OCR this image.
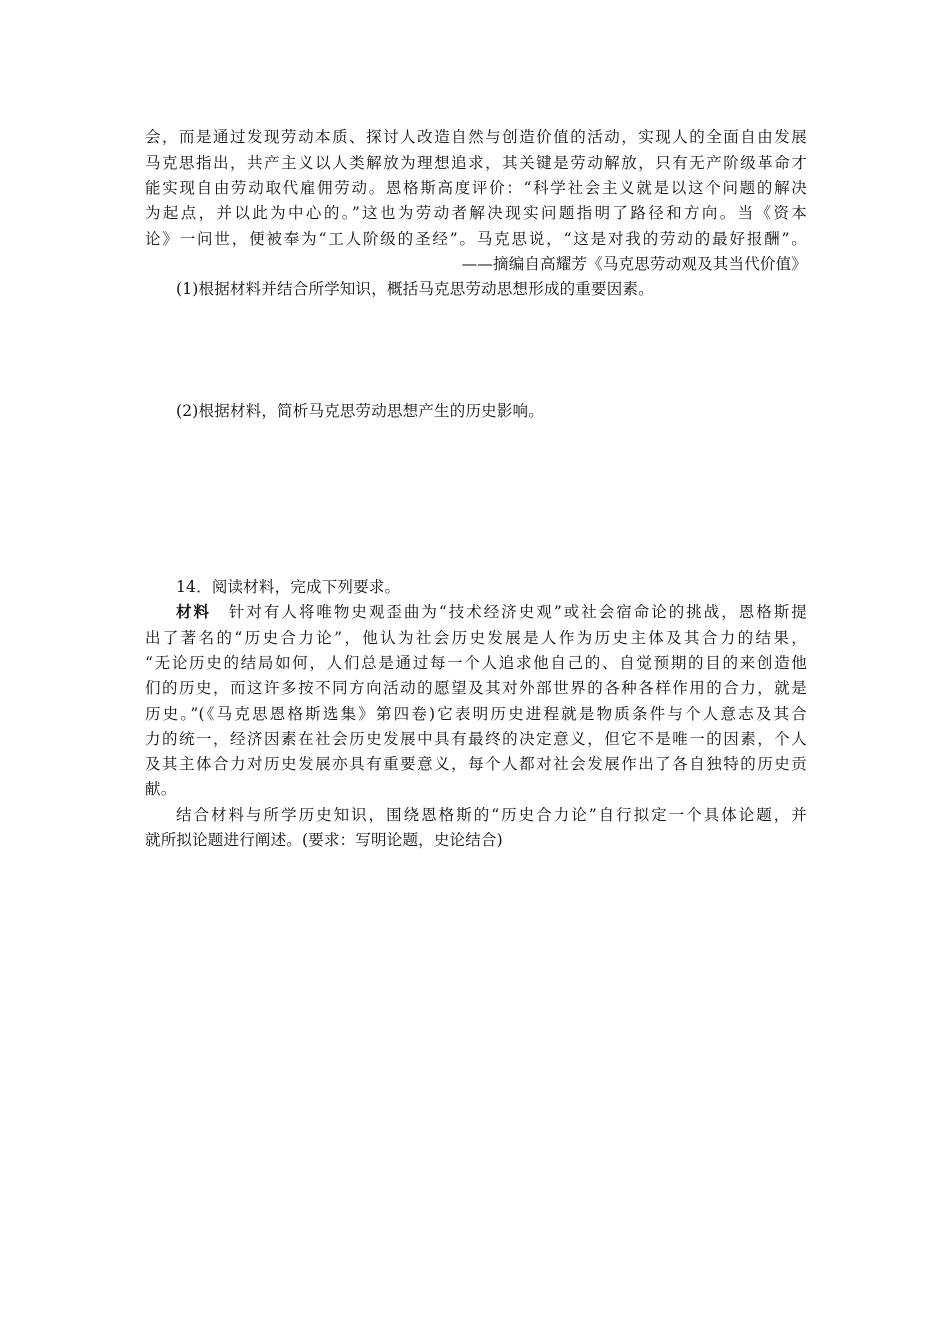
会，而是通过发现劳动本质、探讨人改造自然与创造价值的活动，实现人的全面自由发展
马克思指出，共产主义以人类解放为理想追求，其关键是劳动解放，只有无产阶级革命才
能实现自由劳动取代雇佣劳动。恩格斯高度评价：“科学社会主义就是以这个问题的解决
为起点，并以此为中心的。”这也为劳动者解决现实问题指明了路径和方向。当《资本
论》一问世，便被奉为“工人阶级的圣经”。马克思说，“这是对我的劳动的最好报酬”。
——摘编自高耀芳《马克思劳动观及其当代价值》
(1)根据材料并结合所学知识，概括马克思劳动思想形成的重要因素。
(2)根据材料，简析马克思劳动思想产生的历史影响。
14．阅读材料，完成下列要求。
材料 针对有人将唯物史观歪曲为“技术经济史观”或社会宿命论的挑战，恩格斯提
出了著名的“历史合力论”，他认为社会历史发展是人作为历史主体及其合力的结果，
“无论历史的结局如何，人们总是通过每一个人追求他自己的、自觉预期的目的来创造他
们的历史，而这许多按不同方向活动的愿望及其对外部世界的各种各样作用的合力，就是
历史。”(《马克思恩格斯选集》第四卷)它表明历史进程就是物质条件与个人意志及其合
力的统一，经济因素在社会历史发展中具有最终的决定意义，但它不是唯一的因素，个人
及其主体合力对历史发展亦具有重要意义，每个人都对社会发展作出了各自独特的历史贡
献。
结合材料与所学历史知识，围绕恩格斯的“历史合力论”自行拟定一个具体论题，并
就所拟论题进行阐述。(要求：写明论题，史论结合)
